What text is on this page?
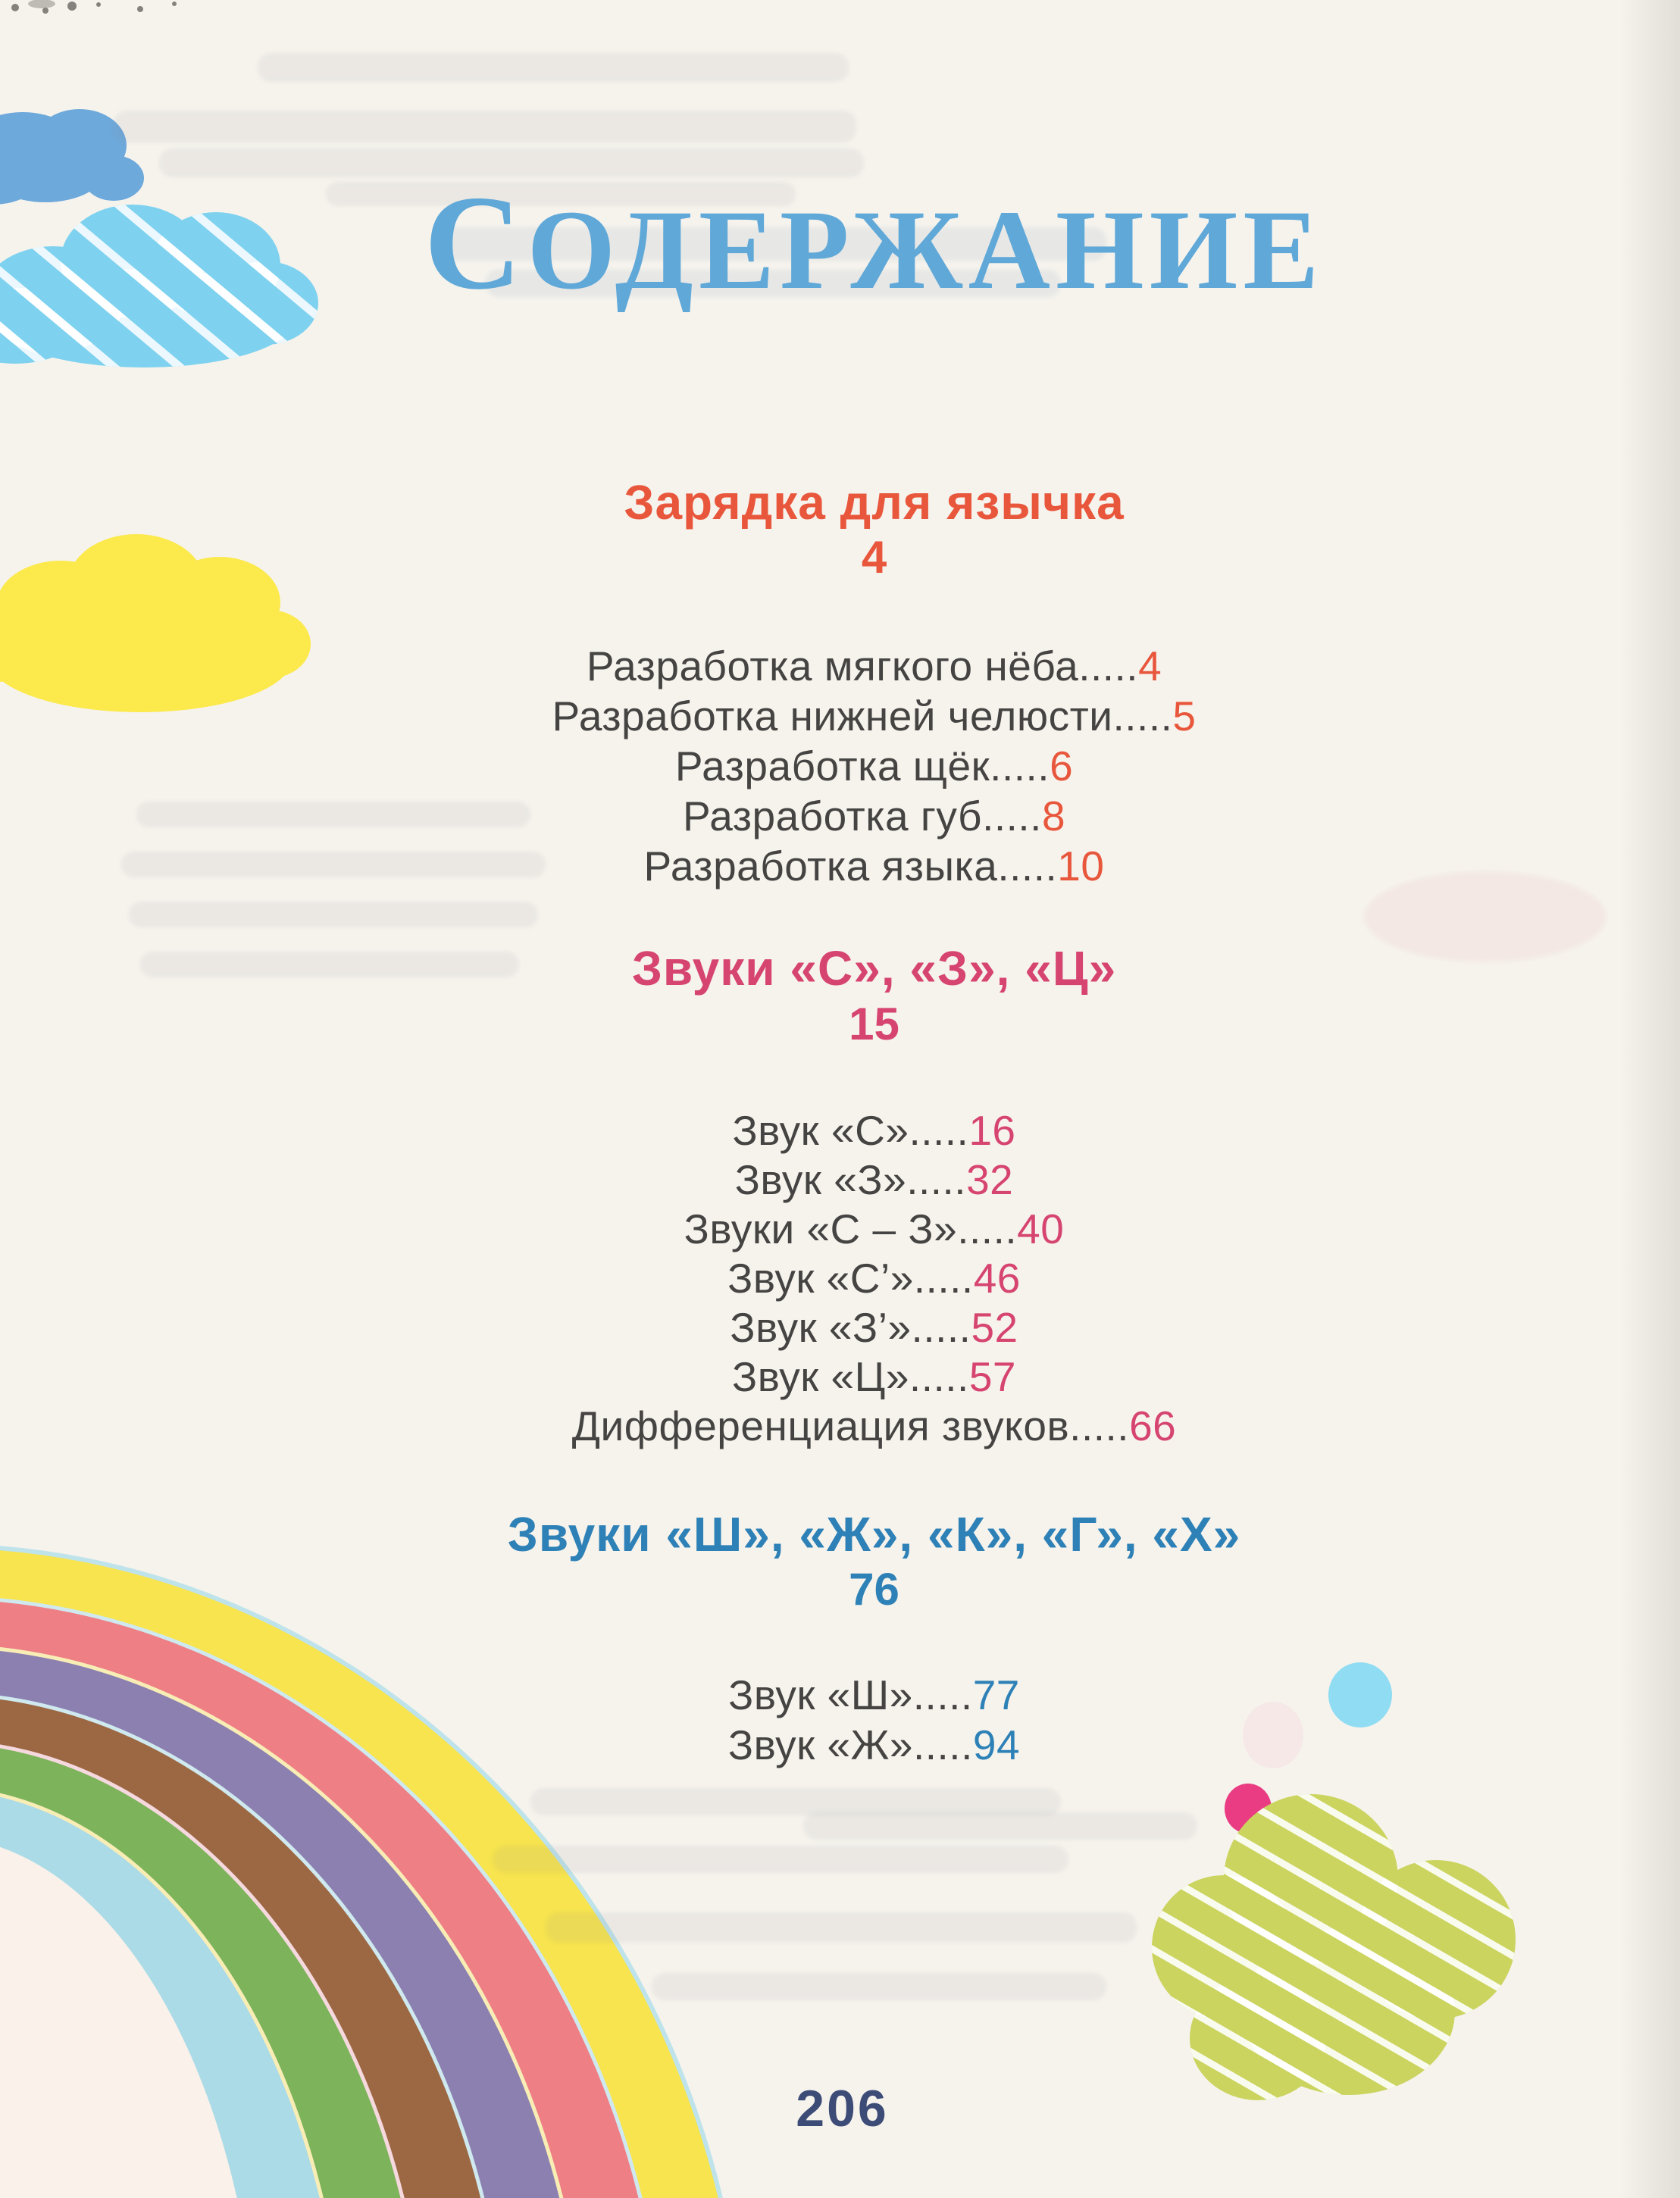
СОДЕРЖАНИЕ
Зарядка для язычка
4
Разработка мягкого нёба.....4
Разработка нижней челюсти.....5
Разработка щёк.....6
Разработка губ.....8
Разработка языка.....10
Звуки «С», «З», «Ц»
15
Звук «С».....16
Звук «З».....32
Звуки «С – З».....40
Звук «С’».....46
Звук «З’».....52
Звук «Ц».....57
Дифференциация звуков.....66
Звуки «Ш», «Ж», «К», «Г», «Х»
76
Звук «Ш».....77
Звук «Ж».....94
206
